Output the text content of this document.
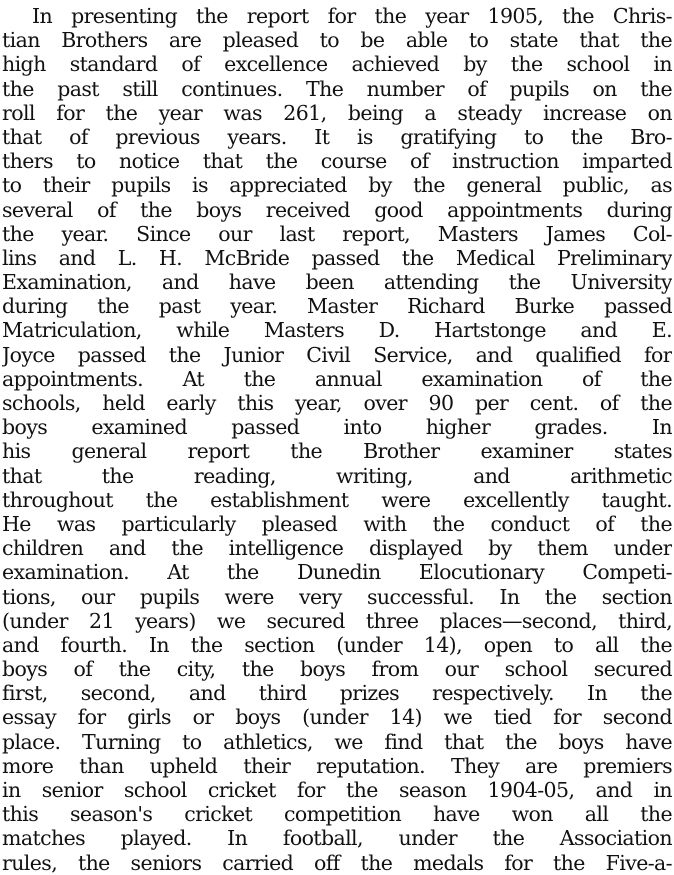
In presenting the report for the year 1905, the Chris-
tian Brothers are pleased to be able to state that the
high standard of excellence achieved by the school in
the past still continues. The number of pupils on the
roll for the year was 261, being a steady increase on
that of previous years. It is gratifying to the Bro-
thers to notice that the course of instruction imparted
to their pupils is appreciated by the general public, as
several of the boys received good appointments during
the year. Since our last report, Masters James Col-
lins and L. H. McBride passed the Medical Preliminary
Examination, and have been attending the University
during the past year. Master Richard Burke passed
Matriculation, while Masters D. Hartstonge and E.
Joyce passed the Junior Civil Service, and qualified for
appointments. At the annual examination of the
schools, held early this year, over 90 per cent. of the
boys examined passed into higher grades. In
his general report the Brother examiner states
that the reading, writing, and arithmetic
throughout the establishment were excellently taught.
He was particularly pleased with the conduct of the
children and the intelligence displayed by them under
examination. At the Dunedin Elocutionary Competi-
tions, our pupils were very successful. In the section
(under 21 years) we secured three places—second, third,
and fourth. In the section (under 14), open to all the
boys of the city, the boys from our school secured
first, second, and third prizes respectively. In the
essay for girls or boys (under 14) we tied for second
place. Turning to athletics, we find that the boys have
more than upheld their reputation. They are premiers
in senior school cricket for the season 1904-05, and in
this season's cricket competition have won all the
matches played. In football, under the Association
rules, the seniors carried off the medals for the Five-a-
